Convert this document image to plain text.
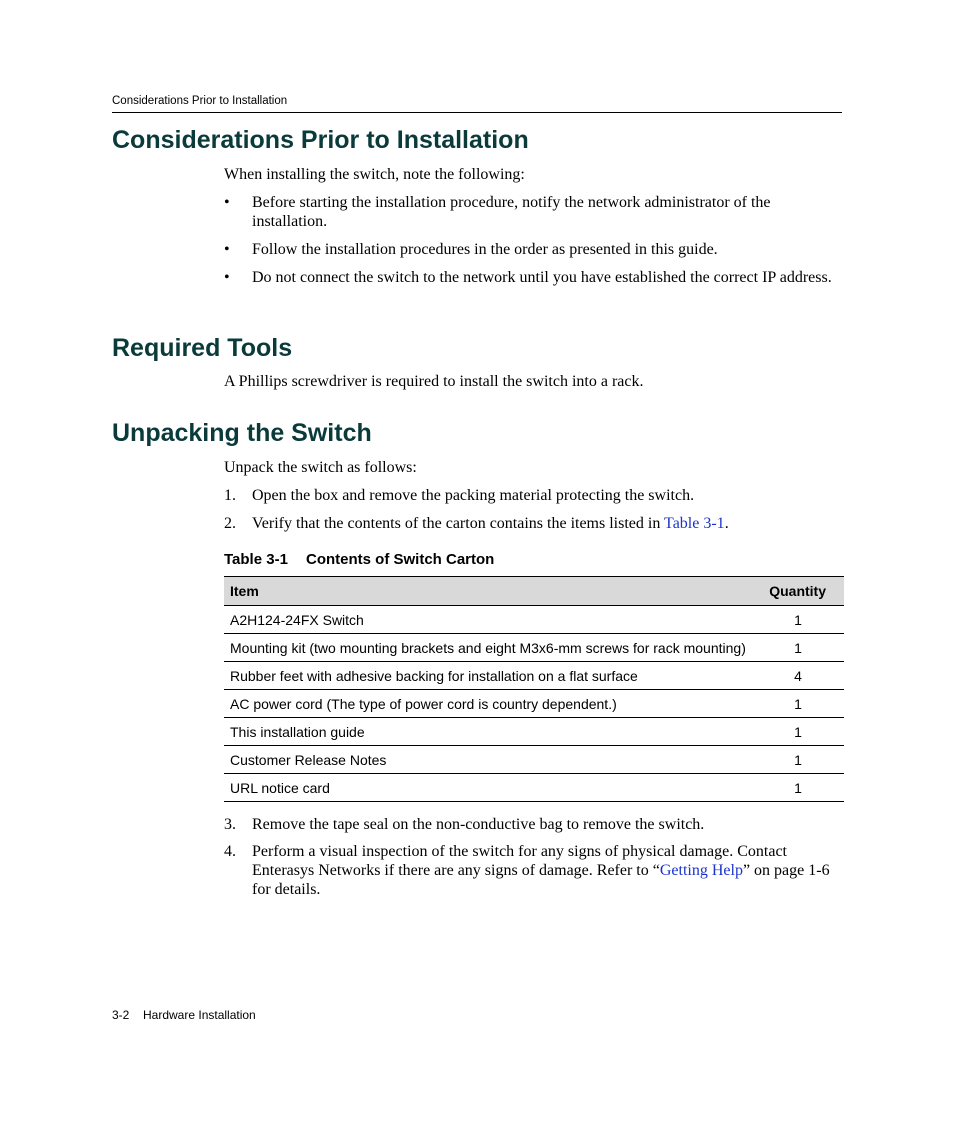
Considerations Prior to Installation
Considerations Prior to Installation
When installing the switch, note the following:
• Before starting the installation procedure, notify the network administrator of the installation.
• Follow the installation procedures in the order as presented in this guide.
• Do not connect the switch to the network until you have established the correct IP address.
Required Tools
A Phillips screwdriver is required to install the switch into a rack.
Unpacking the Switch
Unpack the switch as follows:
1. Open the box and remove the packing material protecting the switch.
2. Verify that the contents of the carton contains the items listed in Table 3-1.
Table 3-1 Contents of Switch Carton
Item	Quantity
A2H124-24FX Switch	1
Mounting kit (two mounting brackets and eight M3x6-mm screws for rack mounting)	1
Rubber feet with adhesive backing for installation on a flat surface	4
AC power cord (The type of power cord is country dependent.)	1
This installation guide	1
Customer Release Notes	1
URL notice card	1
3. Remove the tape seal on the non-conductive bag to remove the switch.
4. Perform a visual inspection of the switch for any signs of physical damage. Contact Enterasys Networks if there are any signs of damage. Refer to “Getting Help” on page 1-6 for details.
3-2 Hardware Installation
